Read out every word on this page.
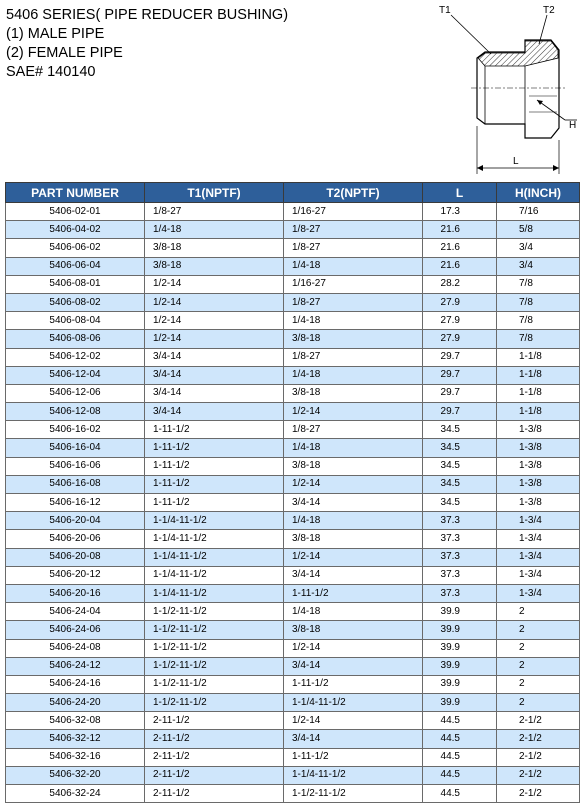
5406 SERIES( PIPE REDUCER BUSHING)
(1) MALE PIPE
(2) FEMALE PIPE
SAE# 140140
T1	T2
H
L
PART NUMBER	T1(NPTF)	T2(NPTF)	L	H(INCH)
5406-02-01	1/8-27	1/16-27	17.3	7/16
5406-04-02	1/4-18	1/8-27	21.6	5/8
5406-06-02	3/8-18	1/8-27	21.6	3/4
5406-06-04	3/8-18	1/4-18	21.6	3/4
5406-08-01	1/2-14	1/16-27	28.2	7/8
5406-08-02	1/2-14	1/8-27	27.9	7/8
5406-08-04	1/2-14	1/4-18	27.9	7/8
5406-08-06	1/2-14	3/8-18	27.9	7/8
5406-12-02	3/4-14	1/8-27	29.7	1-1/8
5406-12-04	3/4-14	1/4-18	29.7	1-1/8
5406-12-06	3/4-14	3/8-18	29.7	1-1/8
5406-12-08	3/4-14	1/2-14	29.7	1-1/8
5406-16-02	1-11-1/2	1/8-27	34.5	1-3/8
5406-16-04	1-11-1/2	1/4-18	34.5	1-3/8
5406-16-06	1-11-1/2	3/8-18	34.5	1-3/8
5406-16-08	1-11-1/2	1/2-14	34.5	1-3/8
5406-16-12	1-11-1/2	3/4-14	34.5	1-3/8
5406-20-04	1-1/4-11-1/2	1/4-18	37.3	1-3/4
5406-20-06	1-1/4-11-1/2	3/8-18	37.3	1-3/4
5406-20-08	1-1/4-11-1/2	1/2-14	37.3	1-3/4
5406-20-12	1-1/4-11-1/2	3/4-14	37.3	1-3/4
5406-20-16	1-1/4-11-1/2	1-11-1/2	37.3	1-3/4
5406-24-04	1-1/2-11-1/2	1/4-18	39.9	2
5406-24-06	1-1/2-11-1/2	3/8-18	39.9	2
5406-24-08	1-1/2-11-1/2	1/2-14	39.9	2
5406-24-12	1-1/2-11-1/2	3/4-14	39.9	2
5406-24-16	1-1/2-11-1/2	1-11-1/2	39.9	2
5406-24-20	1-1/2-11-1/2	1-1/4-11-1/2	39.9	2
5406-32-08	2-11-1/2	1/2-14	44.5	2-1/2
5406-32-12	2-11-1/2	3/4-14	44.5	2-1/2
5406-32-16	2-11-1/2	1-11-1/2	44.5	2-1/2
5406-32-20	2-11-1/2	1-1/4-11-1/2	44.5	2-1/2
5406-32-24	2-11-1/2	1-1/2-11-1/2	44.5	2-1/2
